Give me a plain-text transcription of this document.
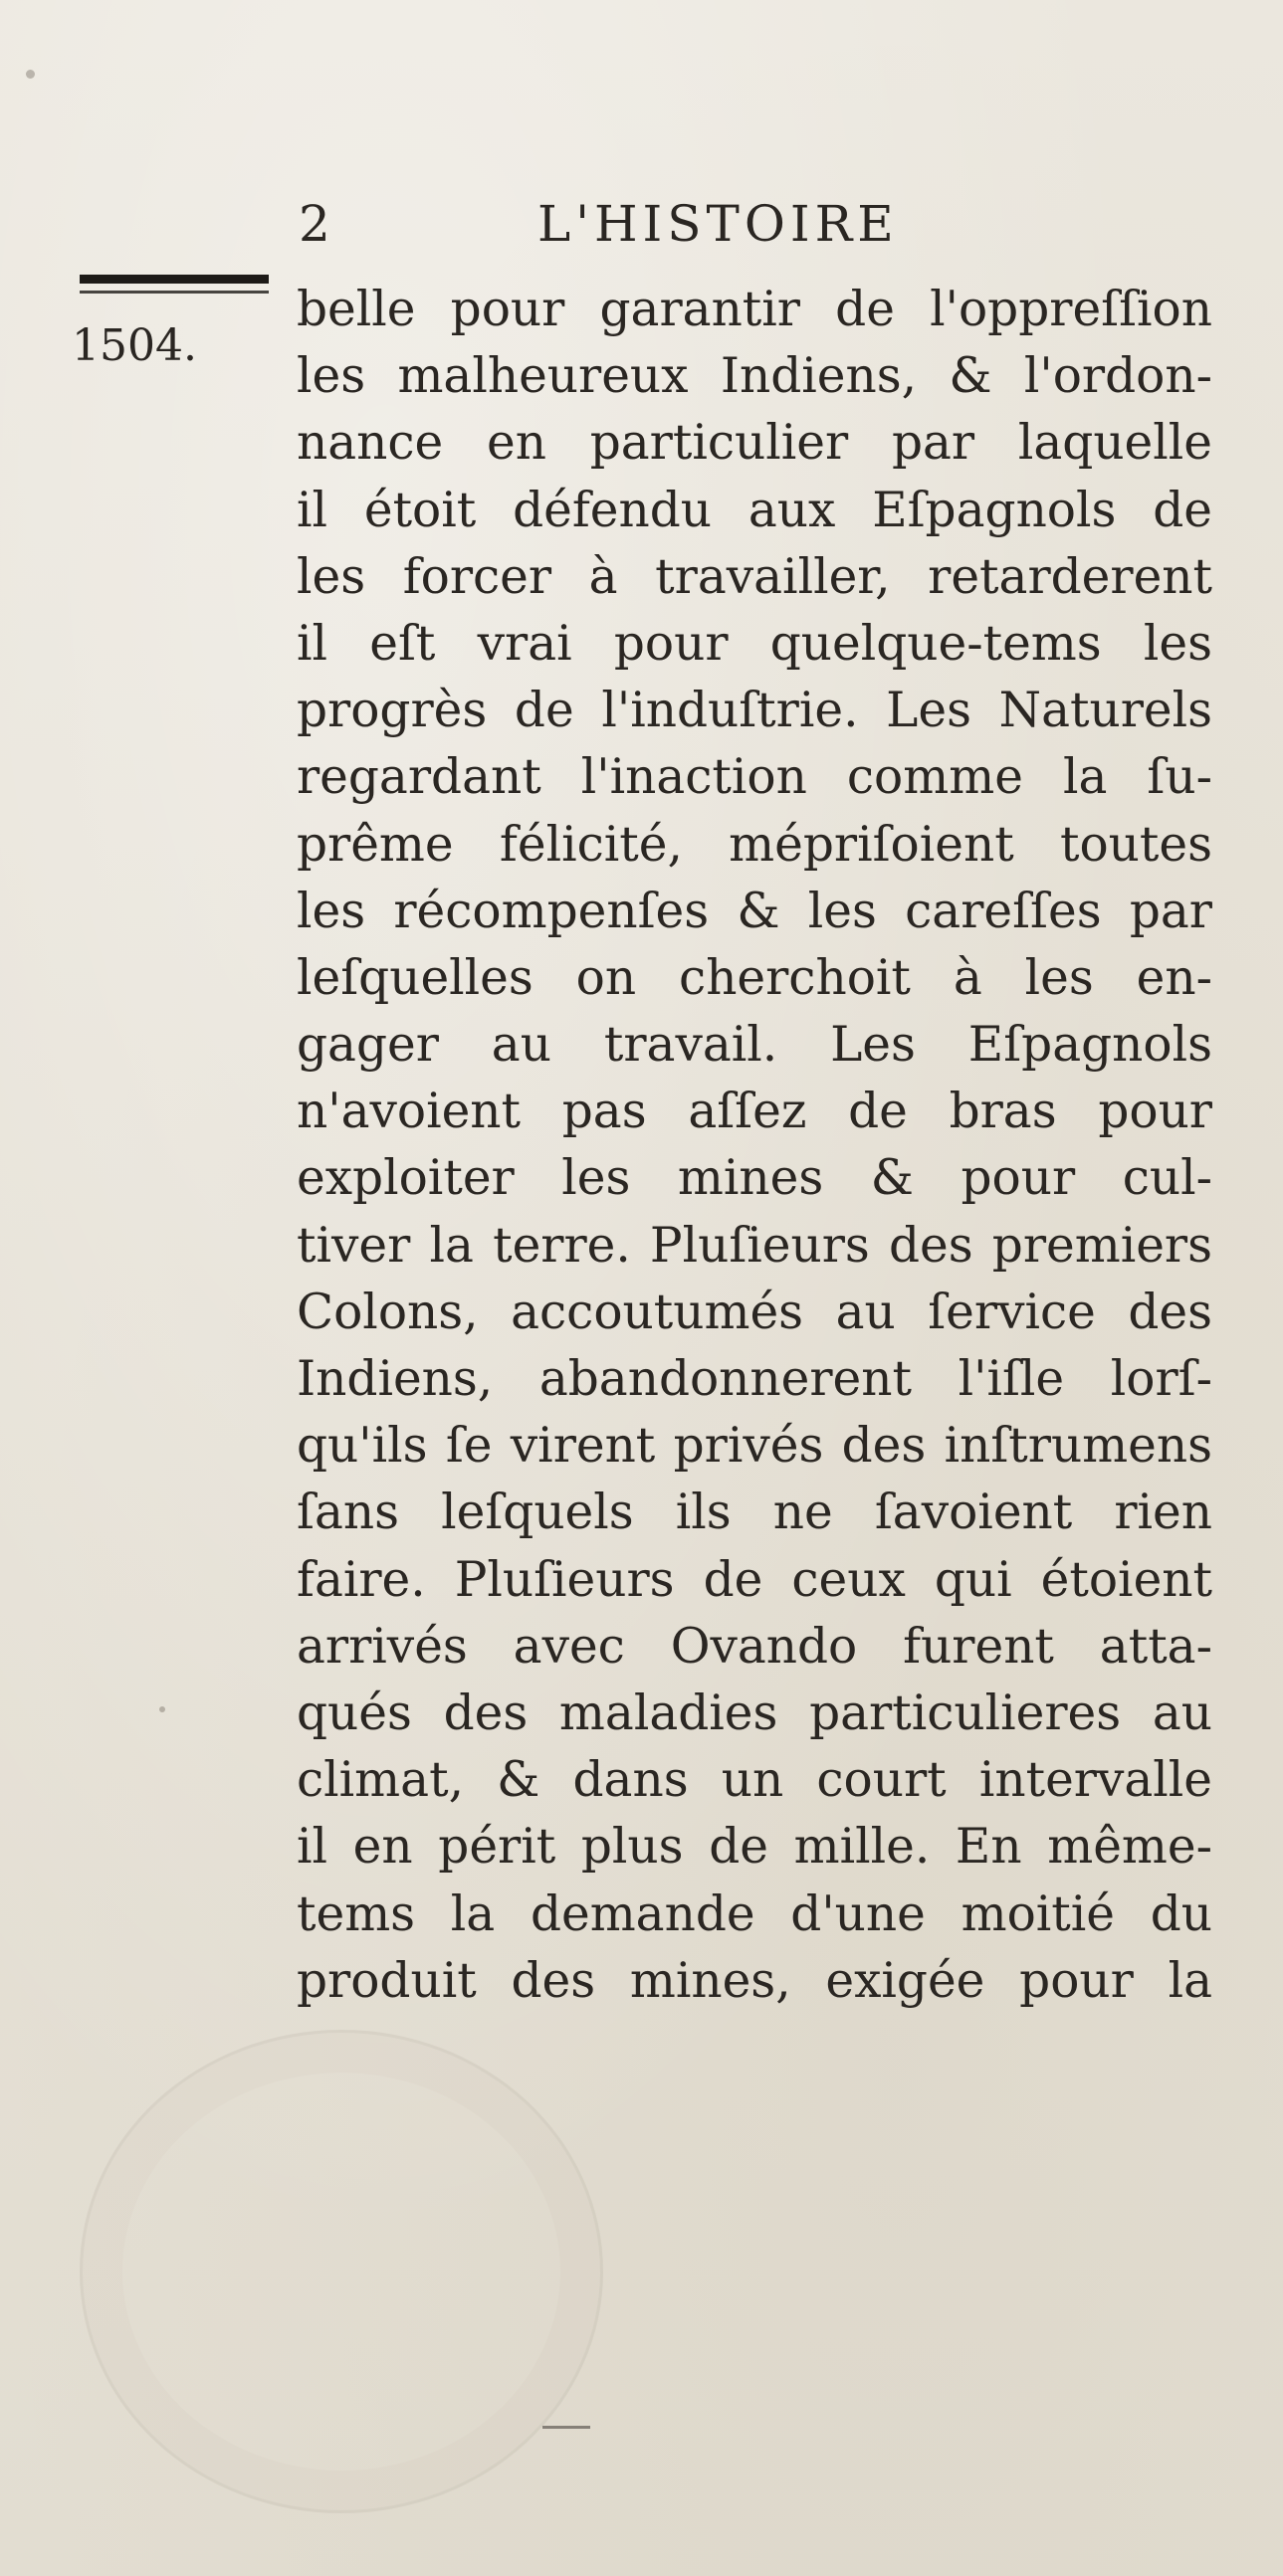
2	L'HISTOIRE
1504.
belle pour garantir de l'oppreſſion
les malheureux Indiens, & l'ordon-
nance en particulier par laquelle
il étoit défendu aux Eſpagnols de
les forcer à travailler, retarderent
il eſt vrai pour quelque-tems les
progrès de l'induſtrie. Les Naturels
regardant l'inaction comme la ſu-
prême félicité, mépriſoient toutes
les récompenſes & les careſſes par
leſquelles on cherchoit à les en-
gager au travail. Les Eſpagnols
n'avoient pas aſſez de bras pour
exploiter les mines & pour cul-
tiver la terre. Pluſieurs des premiers
Colons, accoutumés au ſervice des
Indiens, abandonnerent l'iſle lorſ-
qu'ils ſe virent privés des inſtrumens
ſans leſquels ils ne ſavoient rien
faire. Pluſieurs de ceux qui étoient
arrivés avec Ovando furent atta-
qués des maladies particulieres au
climat, & dans un court intervalle
il en périt plus de mille. En même-
tems la demande d'une moitié du
produit des mines, exigée pour la
